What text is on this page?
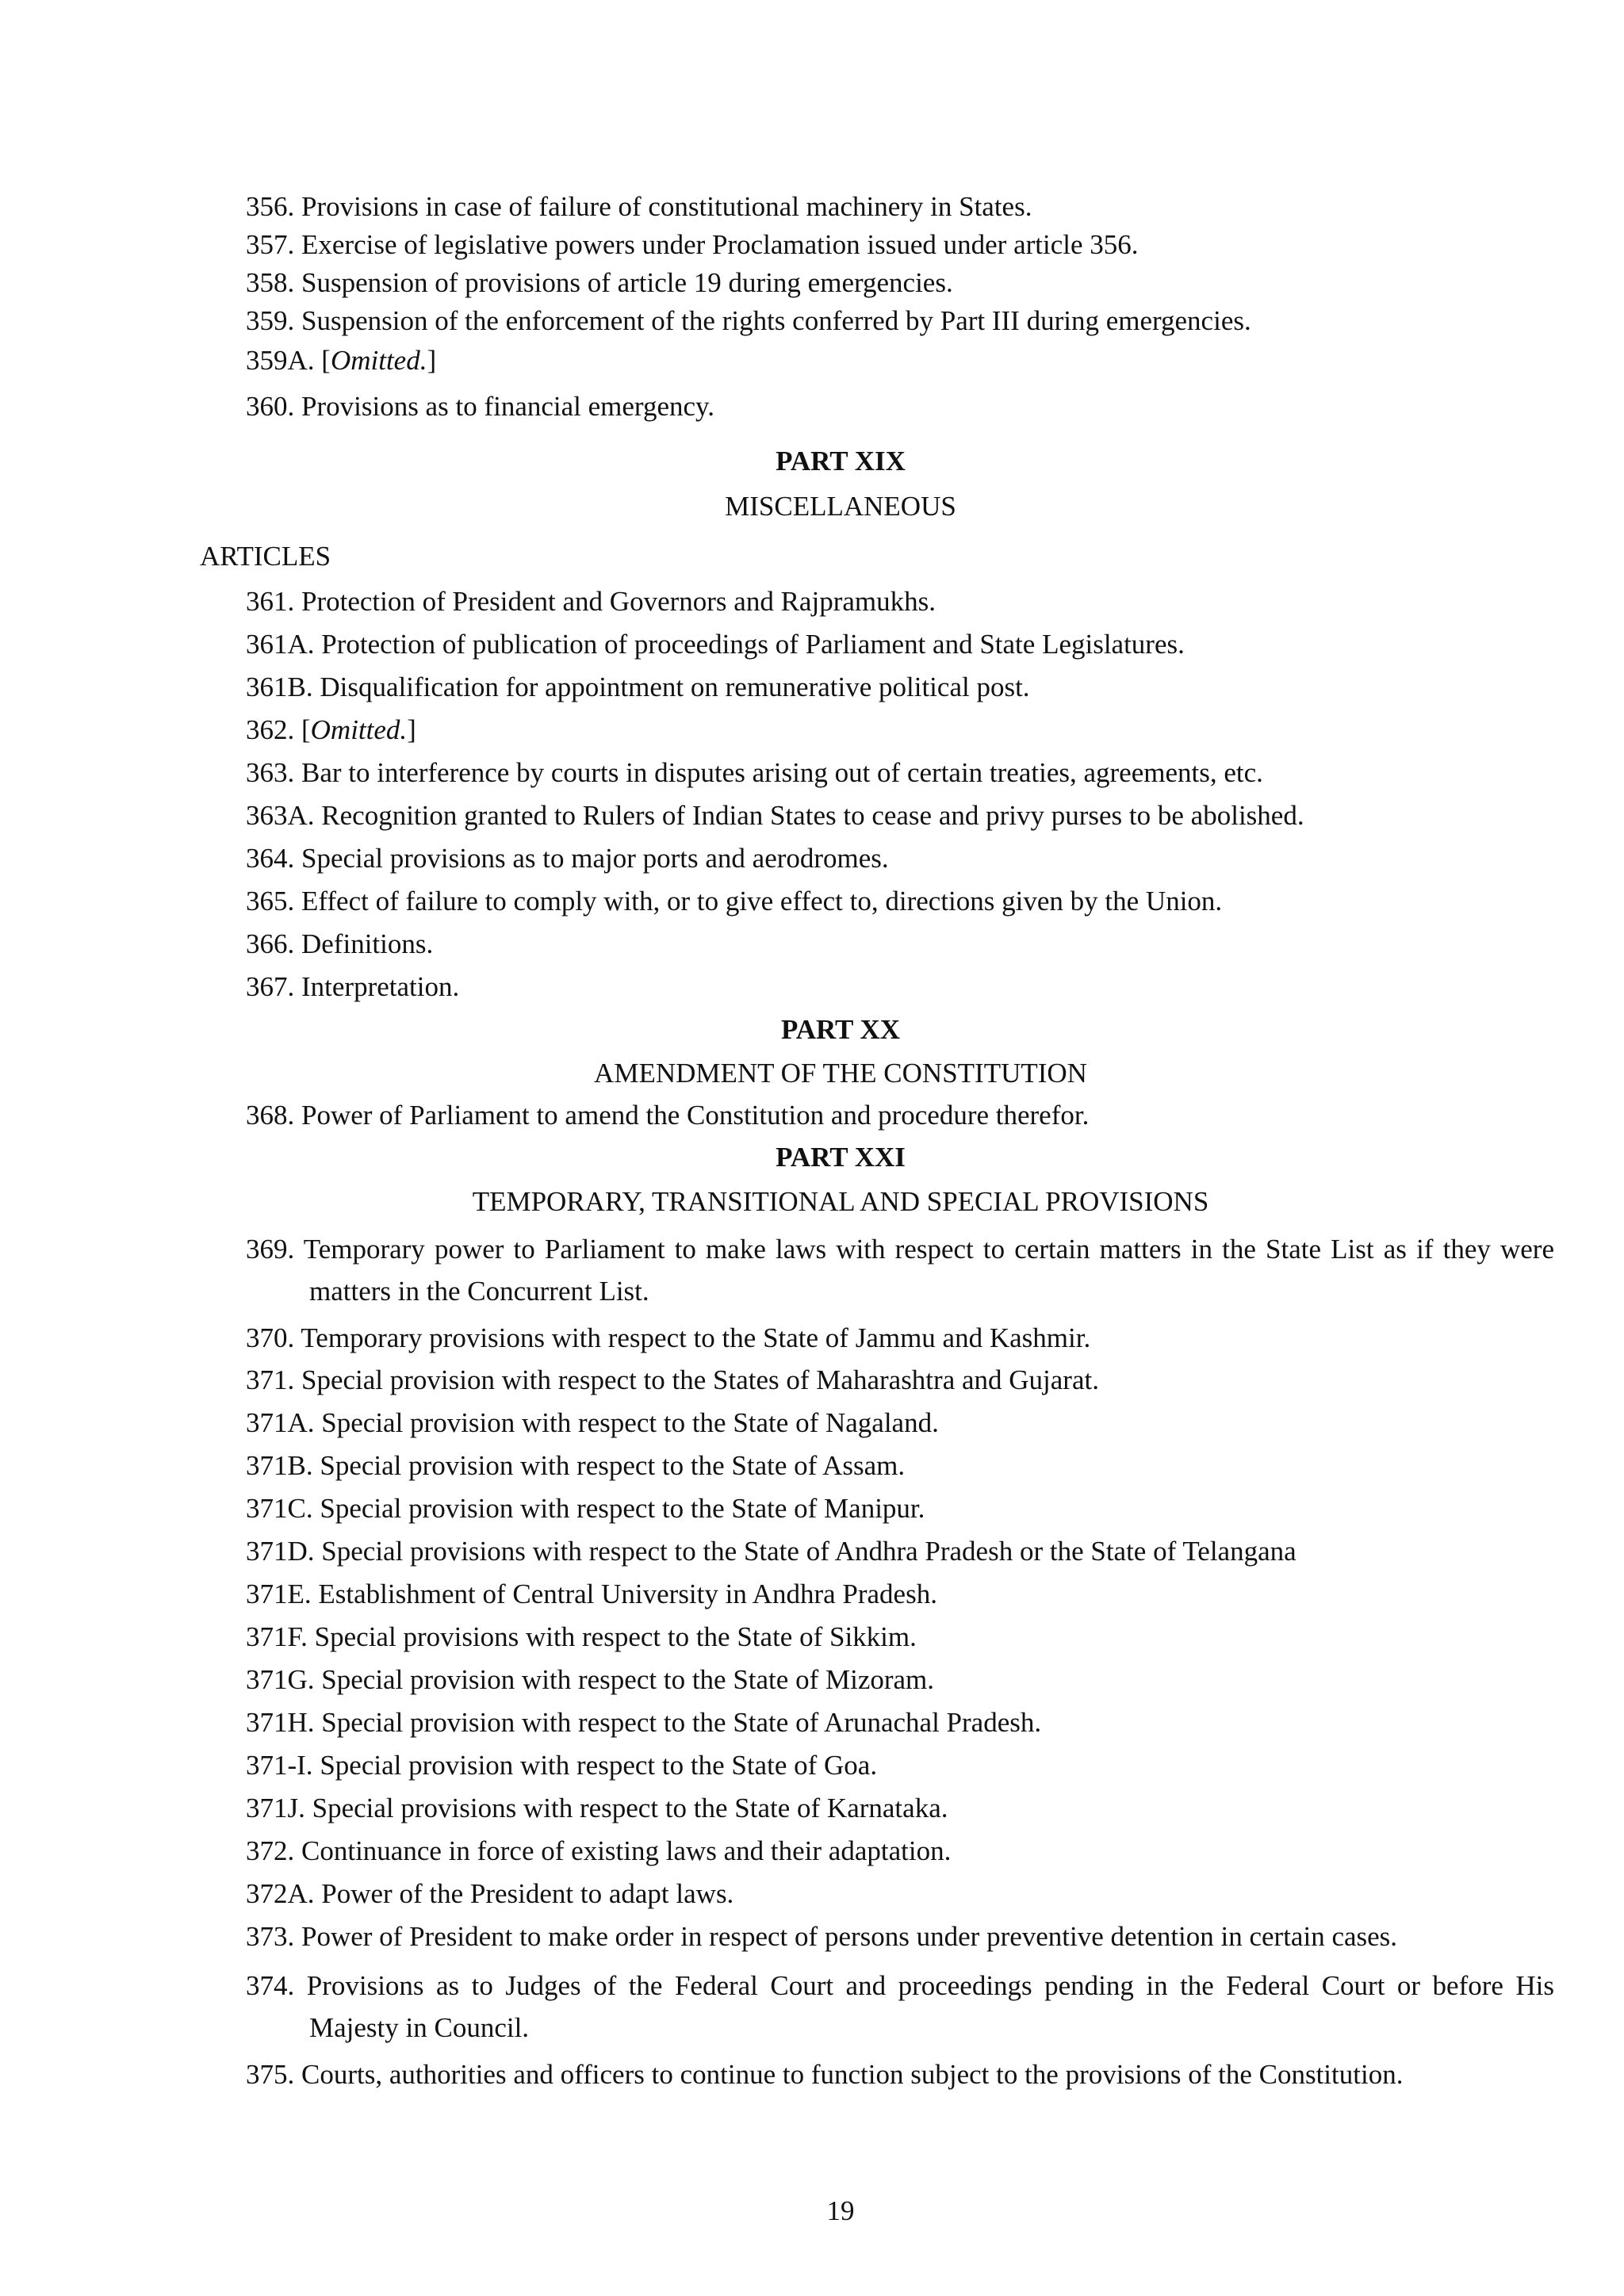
356. Provisions in case of failure of constitutional machinery in States.
357. Exercise of legislative powers under Proclamation issued under article 356.
358. Suspension of provisions of article 19 during emergencies.
359. Suspension of the enforcement of the rights conferred by Part III during emergencies.
359A. [Omitted.]
360. Provisions as to financial emergency.
PART XIX
MISCELLANEOUS
ARTICLES
361. Protection of President and Governors and Rajpramukhs.
361A. Protection of publication of proceedings of Parliament and State Legislatures.
361B. Disqualification for appointment on remunerative political post.
362. [Omitted.]
363. Bar to interference by courts in disputes arising out of certain treaties, agreements, etc.
363A. Recognition granted to Rulers of Indian States to cease and privy purses to be abolished.
364. Special provisions as to major ports and aerodromes.
365. Effect of failure to comply with, or to give effect to, directions given by the Union.
366. Definitions.
367. Interpretation.
PART XX
AMENDMENT OF THE CONSTITUTION
368. Power of Parliament to amend the Constitution and procedure therefor.
PART XXI
TEMPORARY, TRANSITIONAL AND SPECIAL PROVISIONS
369. Temporary power to Parliament to make laws with respect to certain matters in the State List as if they were matters in the Concurrent List.
370. Temporary provisions with respect to the State of Jammu and Kashmir.
371. Special provision with respect to the States of Maharashtra and Gujarat.
371A. Special provision with respect to the State of Nagaland.
371B. Special provision with respect to the State of Assam.
371C. Special provision with respect to the State of Manipur.
371D. Special provisions with respect to the State of Andhra Pradesh or the State of Telangana
371E. Establishment of Central University in Andhra Pradesh.
371F. Special provisions with respect to the State of Sikkim.
371G. Special provision with respect to the State of Mizoram.
371H. Special provision with respect to the State of Arunachal Pradesh.
371-I. Special provision with respect to the State of Goa.
371J. Special provisions with respect to the State of Karnataka.
372. Continuance in force of existing laws and their adaptation.
372A. Power of the President to adapt laws.
373. Power of President to make order in respect of persons under preventive detention in certain cases.
374. Provisions as to Judges of the Federal Court and proceedings pending in the Federal Court or before His Majesty in Council.
375. Courts, authorities and officers to continue to function subject to the provisions of the Constitution.
19
